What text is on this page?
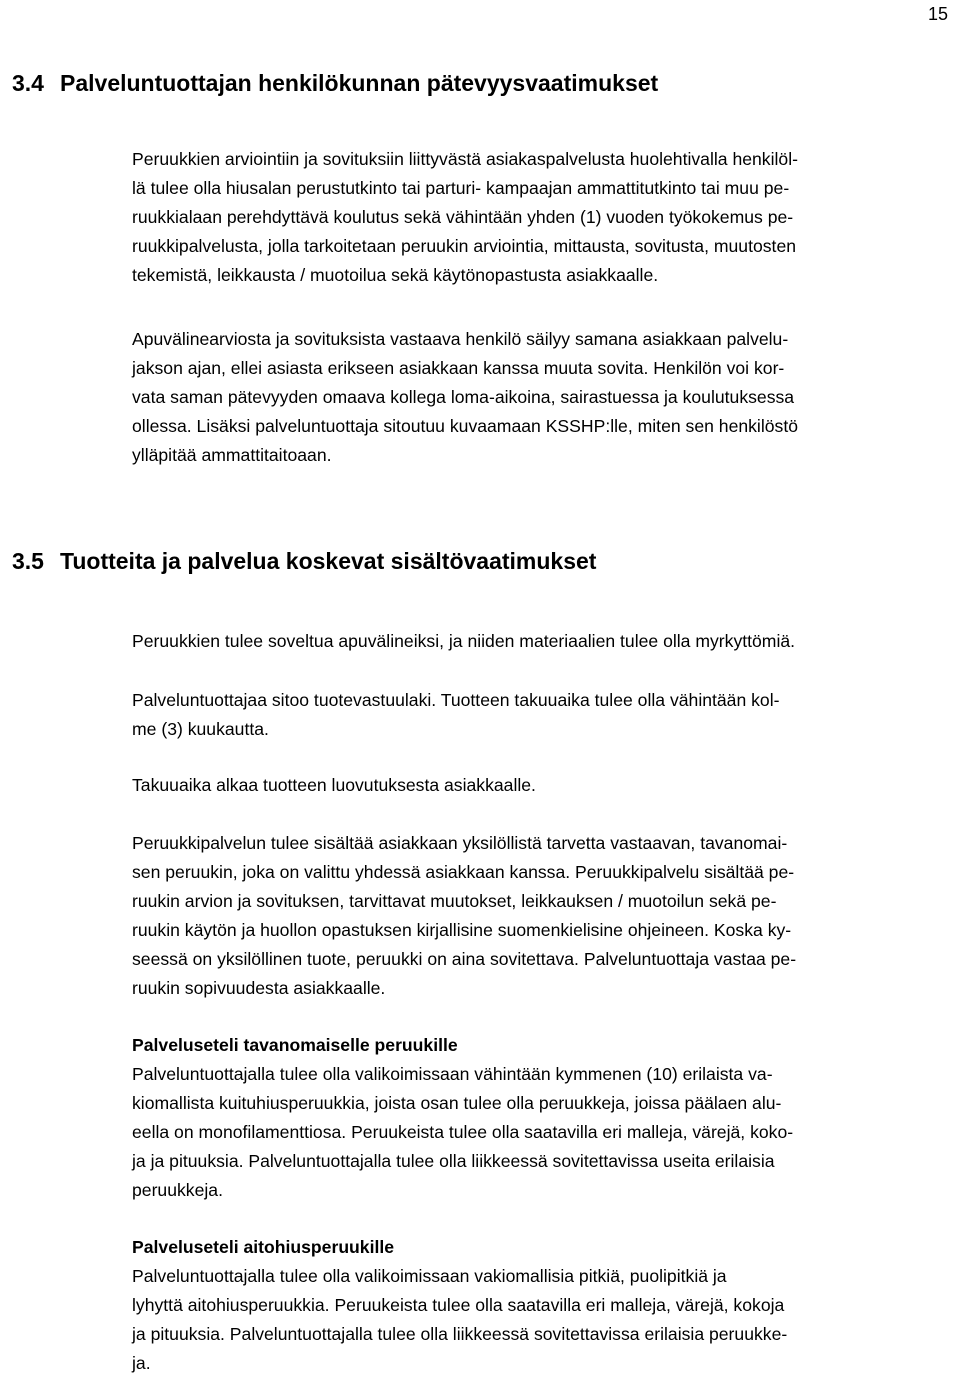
15
3.4 Palveluntuottajan henkilökunnan pätevyysvaatimukset
Peruukkien arviointiin ja sovituksiin liittyvästä asiakaspalvelusta huolehtivalla henkilöl-
lä tulee olla hiusalan perustutkinto tai parturi- kampaajan ammattitutkinto tai muu pe-
ruukkialaan perehdyttävä koulutus sekä vähintään yhden (1) vuoden työkokemus pe-
ruukkipalvelusta, jolla tarkoitetaan peruukin arviointia, mittausta, sovitusta, muutosten
tekemistä, leikkausta / muotoilua sekä käytönopastusta asiakkaalle.
Apuvälinearviosta ja sovituksista vastaava henkilö säilyy samana asiakkaan palvelu-
jakson ajan, ellei asiasta erikseen asiakkaan kanssa muuta sovita. Henkilön voi kor-
vata saman pätevyyden omaava kollega loma-aikoina, sairastuessa ja koulutuksessa
ollessa. Lisäksi palveluntuottaja sitoutuu kuvaamaan KSSHP:lle, miten sen henkilöstö
ylläpitää ammattitaitoaan.
3.5 Tuotteita ja palvelua koskevat sisältövaatimukset
Peruukkien tulee soveltua apuvälineiksi, ja niiden materiaalien tulee olla myrkyttömiä.
Palveluntuottajaa sitoo tuotevastuulaki. Tuotteen takuuaika tulee olla vähintään kol-
me (3) kuukautta.
Takuuaika alkaa tuotteen luovutuksesta asiakkaalle.
Peruukkipalvelun tulee sisältää asiakkaan yksilöllistä tarvetta vastaavan, tavanomai-
sen peruukin, joka on valittu yhdessä asiakkaan kanssa. Peruukkipalvelu sisältää pe-
ruukin arvion ja sovituksen, tarvittavat muutokset, leikkauksen / muotoilun sekä pe-
ruukin käytön ja huollon opastuksen kirjallisine suomenkielisine ohjeineen. Koska ky-
seessä on yksilöllinen tuote, peruukki on aina sovitettava. Palveluntuottaja vastaa pe-
ruukin sopivuudesta asiakkaalle.
Palveluseteli tavanomaiselle peruukille
Palveluntuottajalla tulee olla valikoimissaan vähintään kymmenen (10) erilaista va-
kiomallista kuituhiusperuukkia, joista osan tulee olla peruukkeja, joissa päälaen alu-
eella on monofilamenttiosa. Peruukeista tulee olla saatavilla eri malleja, värejä, koko-
ja ja pituuksia. Palveluntuottajalla tulee olla liikkeessä sovitettavissa useita erilaisia
peruukkeja.
Palveluseteli aitohiusperuukille
Palveluntuottajalla tulee olla valikoimissaan vakiomallisia pitkiä, puolipitkiä ja
lyhyttä aitohiusperuukkia. Peruukeista tulee olla saatavilla eri malleja, värejä, kokoja
ja pituuksia. Palveluntuottajalla tulee olla liikkeessä sovitettavissa erilaisia peruukke-
ja.
